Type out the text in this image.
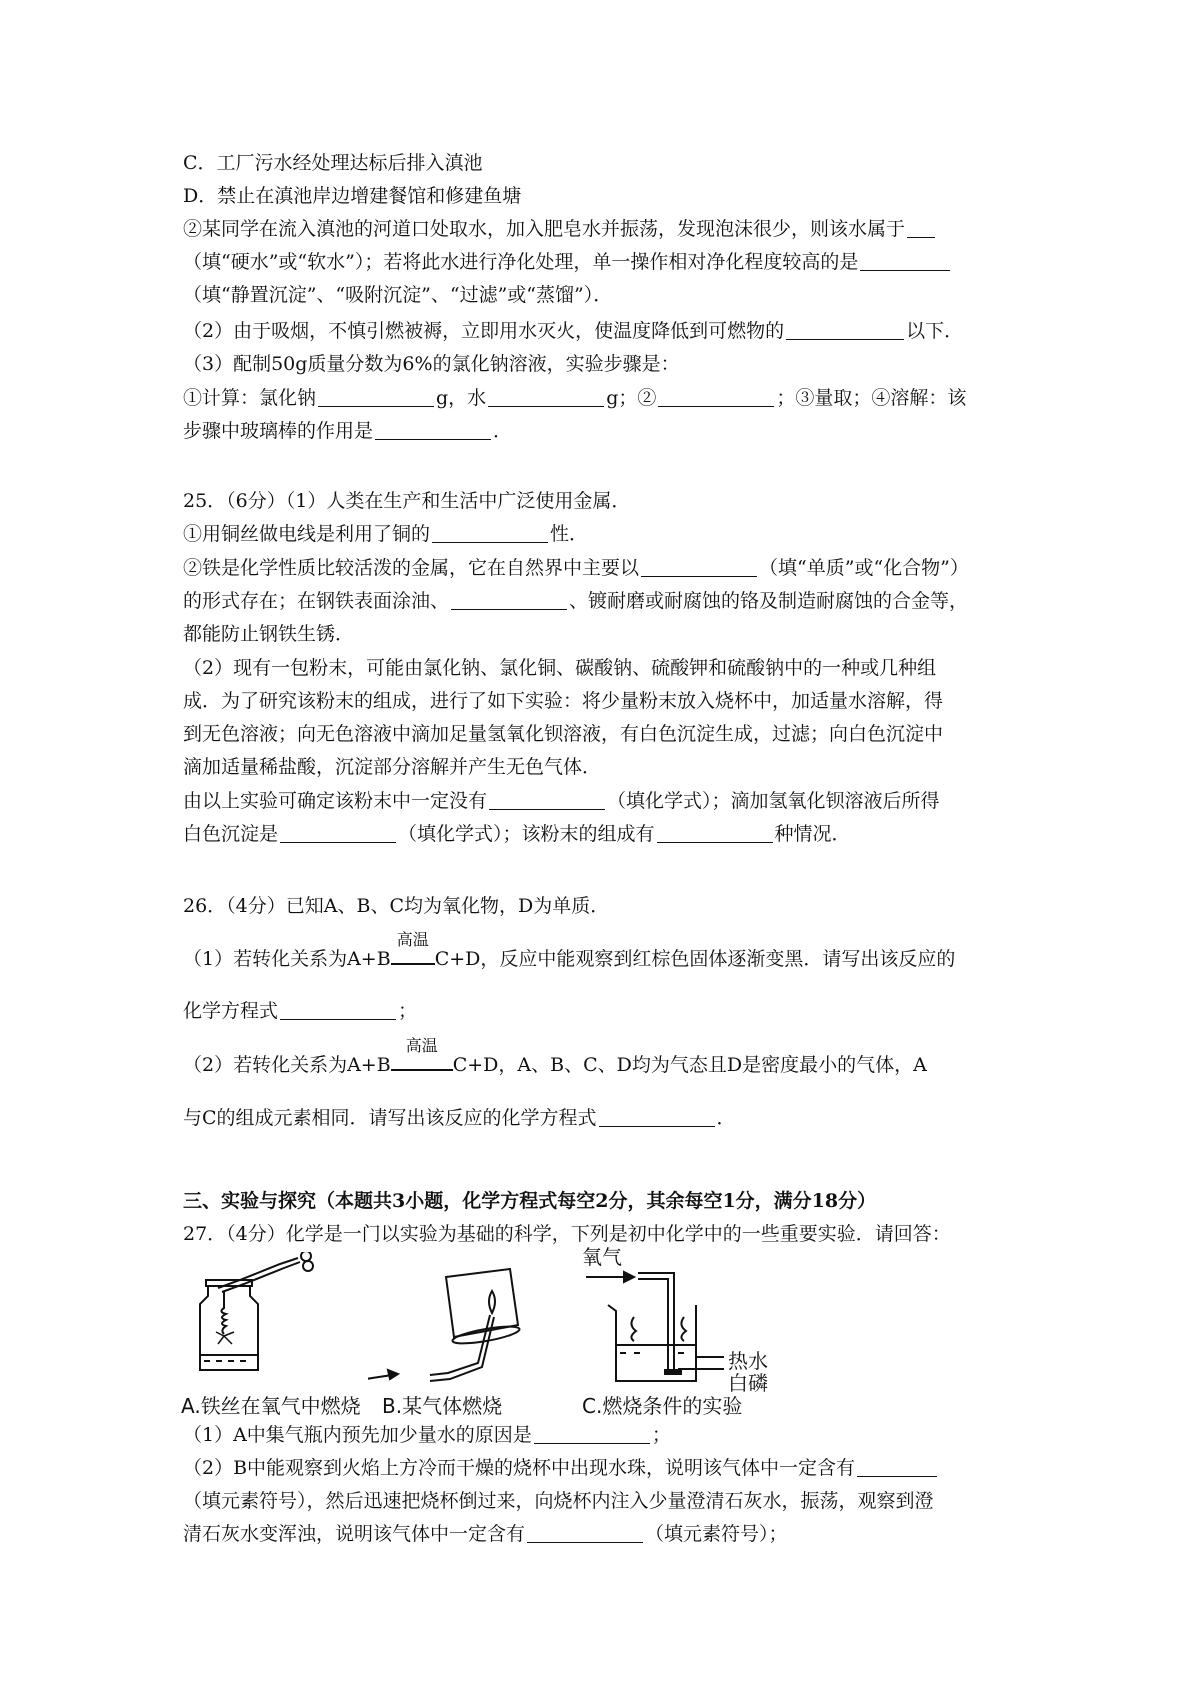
C．工厂污水经处理达标后排入滇池
D．禁止在滇池岸边增建餐馆和修建鱼塘
②某同学在流入滇池的河道口处取水，加入肥皂水并振荡，发现泡沫很少，则该水属于
（填“硬水”或“软水”）；若将此水进行净化处理，单一操作相对净化程度较高的是
（填“静置沉淀”、“吸附沉淀”、“过滤”或“蒸馏”）．
（2）由于吸烟，不慎引燃被褥，立即用水灭火，使温度降低到可燃物的	以下．
（3）配制50g质量分数为6%的氯化钠溶液，实验步骤是：
①计算：氯化钠	g，水	g；②	；③量取；④溶解：该
步骤中玻璃棒的作用是	．
25．（6分）（1）人类在生产和生活中广泛使用金属．
①用铜丝做电线是利用了铜的	性．
②铁是化学性质比较活泼的金属，它在自然界中主要以	（填“单质”或“化合物”）
的形式存在；在钢铁表面涂油、	、镀耐磨或耐腐蚀的铬及制造耐腐蚀的合金等，
都能防止钢铁生锈．
（2）现有一包粉末，可能由氯化钠、氯化铜、碳酸钠、硫酸钾和硫酸钠中的一种或几种组
成．为了研究该粉末的组成，进行了如下实验：将少量粉末放入烧杯中，加适量水溶解，得
到无色溶液；向无色溶液中滴加足量氢氧化钡溶液，有白色沉淀生成，过滤；向白色沉淀中
滴加适量稀盐酸，沉淀部分溶解并产生无色气体．
由以上实验可确定该粉末中一定没有	（填化学式）；滴加氢氧化钡溶液后所得
白色沉淀是	（填化学式）；该粉末的组成有	种情况．
26．（4分）已知A、B、C均为氧化物，D为单质．
（1）若转化关系为A+B
高温
C+D，反应中能观察到红棕色固体逐渐变黑．请写出该反应的
化学方程式	；
（2）若转化关系为A+B
高温
C+D，A、B、C、D均为气态且D是密度最小的气体，A
与C的组成元素相同．请写出该反应的化学方程式	．
三、实验与探究（本题共3小题，化学方程式每空2分，其余每空1分，满分18分）
27．（4分）化学是一门以实验为基础的科学，下列是初中化学中的一些重要实验．请回答：
氧气
热水
白磷
A.铁丝在氧气中燃烧 B.某气体燃烧	C.燃烧条件的实验
（1）A中集气瓶内预先加少量水的原因是	；
（2）B中能观察到火焰上方冷而干燥的烧杯中出现水珠，说明该气体中一定含有
（填元素符号），然后迅速把烧杯倒过来，向烧杯内注入少量澄清石灰水，振荡，观察到澄
清石灰水变浑浊，说明该气体中一定含有	（填元素符号）；
